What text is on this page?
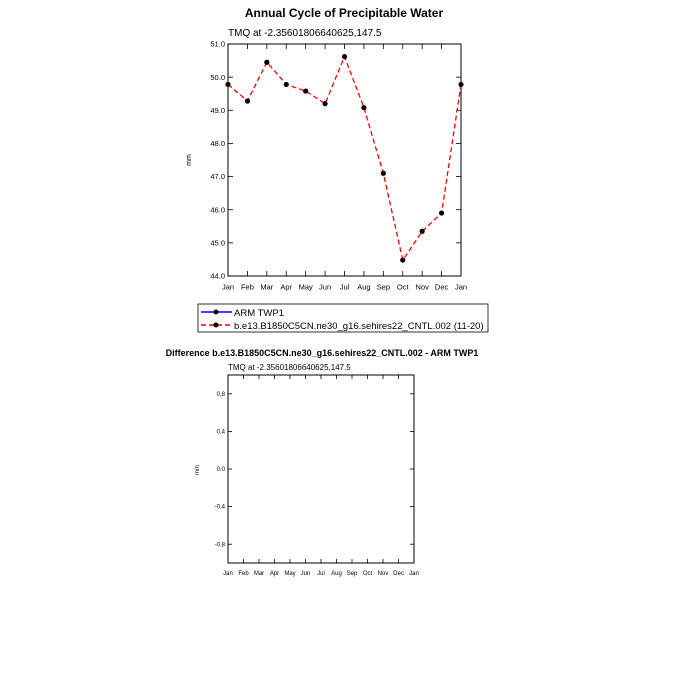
Annual Cycle of Precipitable Water
TMQ at -2.35601806640625,147.5
mm
44.0
45.0
46.0
47.0
48.0
49.0
50.0
51.0
Jan Feb Mar Apr May Jun Jul Aug Sep Oct Nov Dec Jan
ARM TWP1
b.e13.B1850C5CN.ne30_g16.sehires22_CNTL.002 (11-20)
Difference b.e13.B1850C5CN.ne30_g16.sehires22_CNTL.002 - ARM TWP1
TMQ at -2.35601806640625,147.5
mm
-0.8
-0.4
0.0
0.4
0.8
Jan Feb Mar Apr May Jun Jul Aug Sep Oct Nov Dec Jan
